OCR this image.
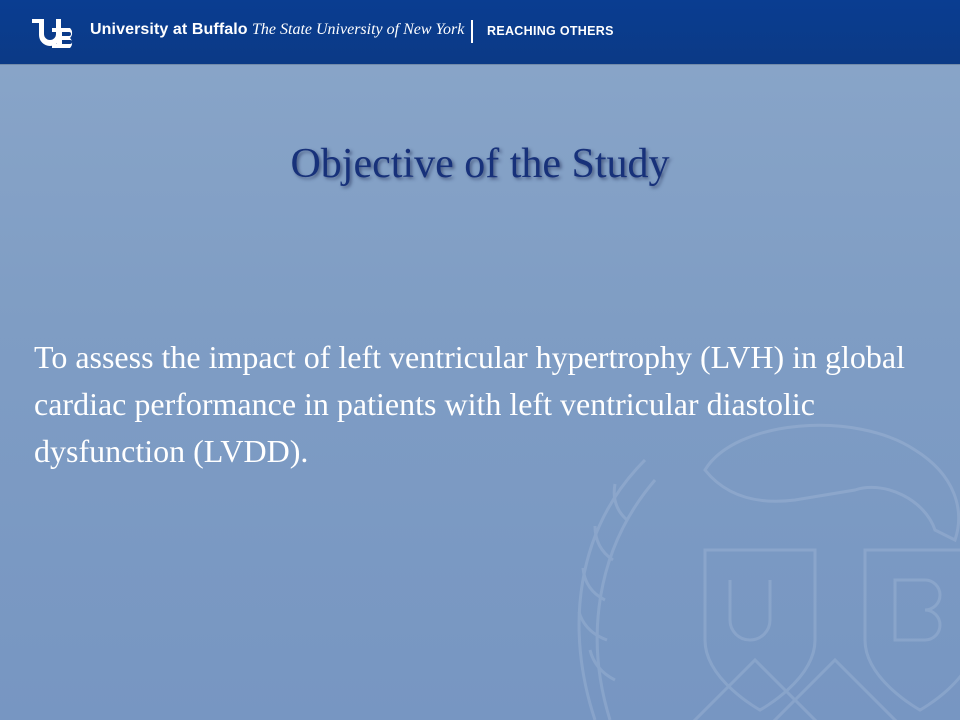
University at Buffalo The State University of New York REACHING OTHERS
Objective of the Study

To assess the impact of left ventricular hypertrophy (LVH) in global cardiac performance in patients with left ventricular diastolic dysfunction (LVDD).
